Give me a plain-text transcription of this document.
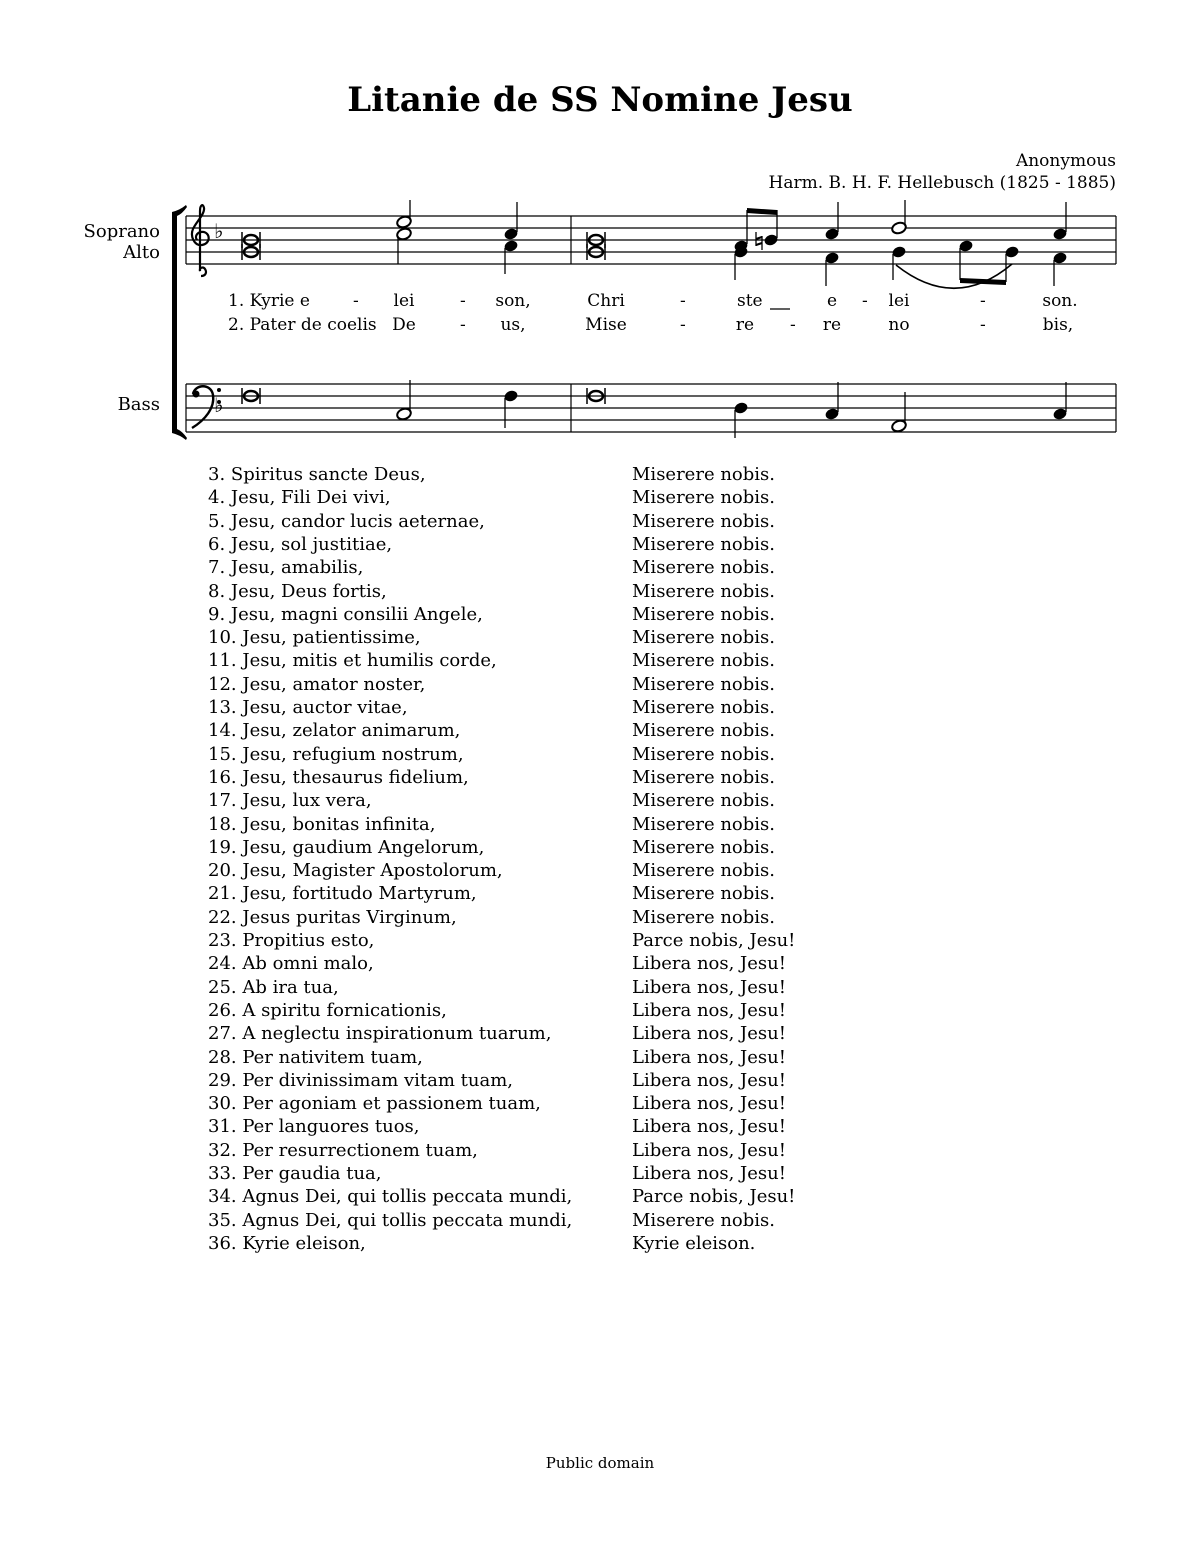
Litanie de SS Nomine Jesu
Anonymous
Harm. B. H. F. Hellebusch (1825 - 1885)
Soprano
Alto
Bass
♭
♭
1. Kyrie e	- lei	- son,	Chri	-	ste	e - lei	-	son.
2. Pater de coelis De	- us,	Mise	-	re - re	no	-	bis,
3. Spiritus sancte Deus,	Miserere nobis.
4. Jesu, Fili Dei vivi,	Miserere nobis.
5. Jesu, candor lucis aeternae,	Miserere nobis.
6. Jesu, sol justitiae,	Miserere nobis.
7. Jesu, amabilis,	Miserere nobis.
8. Jesu, Deus fortis,	Miserere nobis.
9. Jesu, magni consilii Angele,	Miserere nobis.
10. Jesu, patientissime,	Miserere nobis.
11. Jesu, mitis et humilis corde,	Miserere nobis.
12. Jesu, amator noster,	Miserere nobis.
13. Jesu, auctor vitae,	Miserere nobis.
14. Jesu, zelator animarum,	Miserere nobis.
15. Jesu, refugium nostrum,	Miserere nobis.
16. Jesu, thesaurus fidelium,	Miserere nobis.
17. Jesu, lux vera,	Miserere nobis.
18. Jesu, bonitas infinita,	Miserere nobis.
19. Jesu, gaudium Angelorum,	Miserere nobis.
20. Jesu, Magister Apostolorum,	Miserere nobis.
21. Jesu, fortitudo Martyrum,	Miserere nobis.
22. Jesus puritas Virginum,	Miserere nobis.
23. Propitius esto,	Parce nobis, Jesu!
24. Ab omni malo,	Libera nos, Jesu!
25. Ab ira tua,	Libera nos, Jesu!
26. A spiritu fornicationis,	Libera nos, Jesu!
27. A neglectu inspirationum tuarum,	Libera nos, Jesu!
28. Per nativitem tuam,	Libera nos, Jesu!
29. Per divinissimam vitam tuam,	Libera nos, Jesu!
30. Per agoniam et passionem tuam,	Libera nos, Jesu!
31. Per languores tuos,	Libera nos, Jesu!
32. Per resurrectionem tuam,	Libera nos, Jesu!
33. Per gaudia tua,	Libera nos, Jesu!
34. Agnus Dei, qui tollis peccata mundi,	Parce nobis, Jesu!
35. Agnus Dei, qui tollis peccata mundi,	Miserere nobis.
36. Kyrie eleison,	Kyrie eleison.
Public domain
